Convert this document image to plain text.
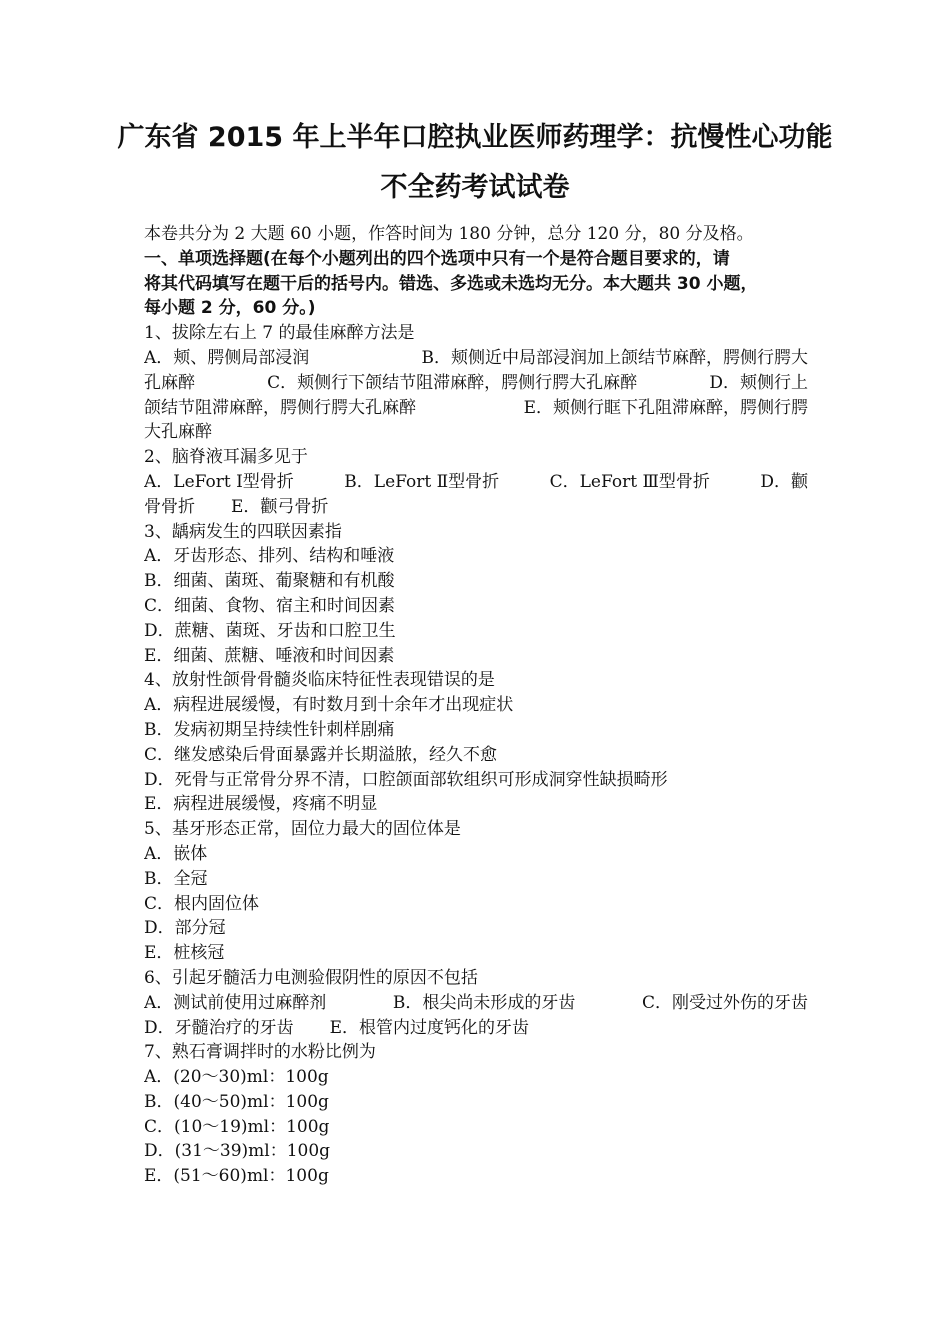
广东省 2015 年上半年口腔执业医师药理学：抗慢性心功能
不全药考试试卷
本卷共分为 2 大题 60 小题，作答时间为 180 分钟，总分 120 分，80 分及格。
一、单项选择题(在每个小题列出的四个选项中只有一个是符合题目要求的，请
将其代码填写在题干后的括号内。错选、多选或未选均无分。本大题共 30 小题，
每小题 2 分，60 分。)
1、拔除左右上 7 的最佳麻醉方法是
A．颊、腭侧局部浸润	B．颊侧近中局部浸润加上颌结节麻醉，腭侧行腭大
孔麻醉	C．颊侧行下颌结节阻滞麻醉，腭侧行腭大孔麻醉	D．颊侧行上
颌结节阻滞麻醉，腭侧行腭大孔麻醉	E．颊侧行眶下孔阻滞麻醉，腭侧行腭
大孔麻醉
2、脑脊液耳漏多见于
A．LeFort Ⅰ型骨折	B．LeFort Ⅱ型骨折	C．LeFort Ⅲ型骨折	D．颧
骨骨折 E．颧弓骨折
3、龋病发生的四联因素指
A．牙齿形态、排列、结构和唾液
B．细菌、菌斑、葡聚糖和有机酸
C．细菌、食物、宿主和时间因素
D．蔗糖、菌斑、牙齿和口腔卫生
E．细菌、蔗糖、唾液和时间因素
4、放射性颌骨骨髓炎临床特征性表现错误的是
A．病程进展缓慢，有时数月到十余年才出现症状
B．发病初期呈持续性针刺样剧痛
C．继发感染后骨面暴露并长期溢脓，经久不愈
D．死骨与正常骨分界不清，口腔颌面部软组织可形成洞穿性缺损畸形
E．病程进展缓慢，疼痛不明显
5、基牙形态正常，固位力最大的固位体是
A．嵌体
B．全冠
C．根内固位体
D．部分冠
E．桩核冠
6、引起牙髓活力电测验假阴性的原因不包括
A．测试前使用过麻醉剂	B．根尖尚未形成的牙齿	C．刚受过外伤的牙齿
D．牙髓治疗的牙齿 E．根管内过度钙化的牙齿
7、熟石膏调拌时的水粉比例为
A．(20～30)ml：100g
B．(40～50)ml：100g
C．(10～19)ml：100g
D．(31～39)ml：100g
E．(51～60)ml：100g
